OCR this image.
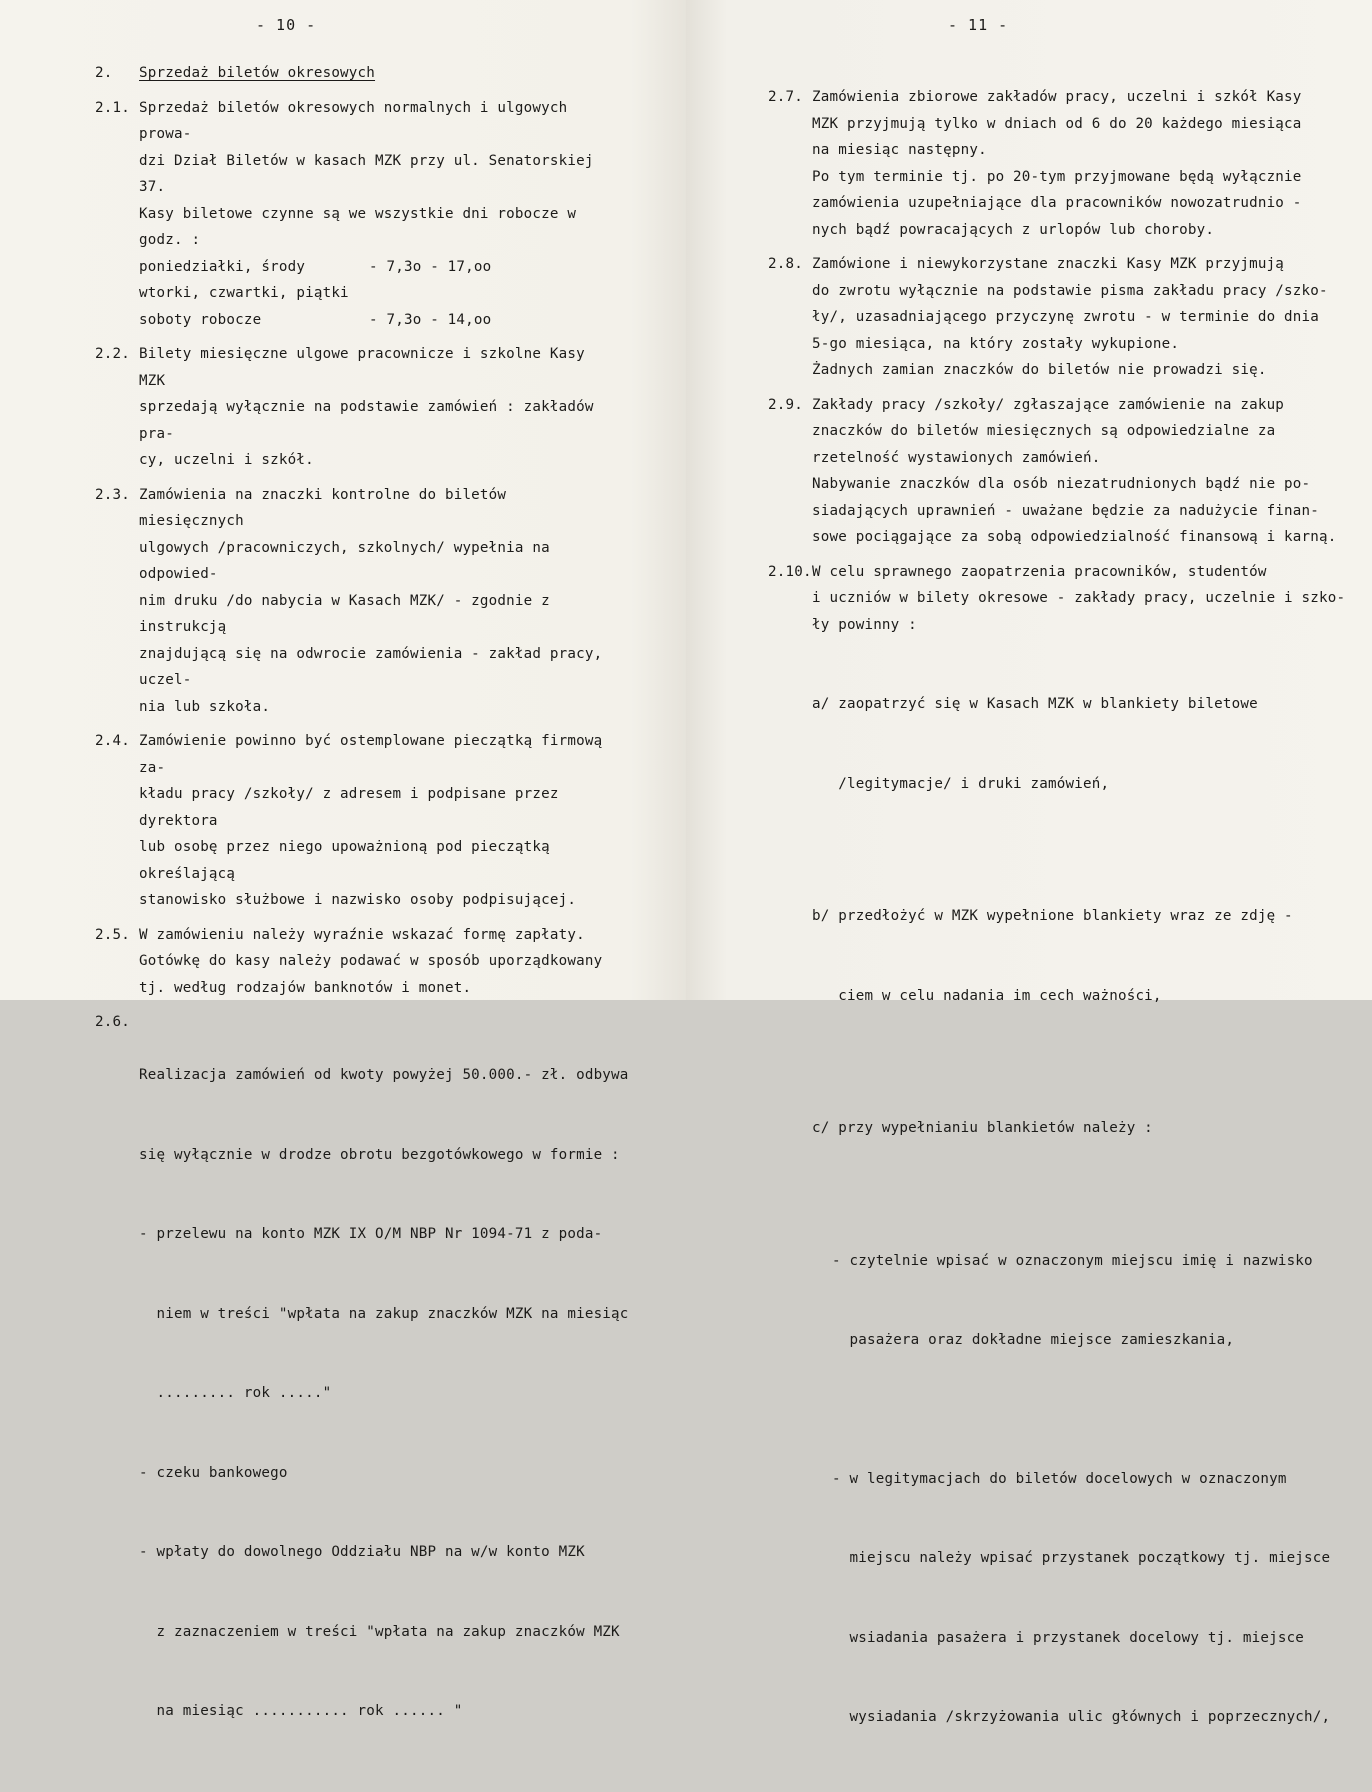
- 10 -
2. Sprzedaż biletów okresowych
2.1. Sprzedaż biletów okresowych normalnych i ulgowych prowa-
dzi Dział Biletów w kasach MZK przy ul. Senatorskiej 37.
Kasy biletowe czynne są we wszystkie dni robocze w godz. :
poniedziałki, środy	- 7,3o - 17,oo
wtorki, czwartki, piątki
soboty robocze	- 7,3o - 14,oo
2.2. Bilety miesięczne ulgowe pracownicze i szkolne Kasy MZK
sprzedają wyłącznie na podstawie zamówień : zakładów pra-
cy, uczelni i szkół.
2.3. Zamówienia na znaczki kontrolne do biletów miesięcznych
ulgowych /pracowniczych, szkolnych/ wypełnia na odpowied-
nim druku /do nabycia w Kasach MZK/ - zgodnie z instrukcją
znajdującą się na odwrocie zamówienia - zakład pracy, uczel-
nia lub szkoła.
2.4. Zamówienie powinno być ostemplowane pieczątką firmową za-
kładu pracy /szkoły/ z adresem i podpisane przez dyrektora
lub osobę przez niego upoważnioną pod pieczątką określającą
stanowisko służbowe i nazwisko osoby podpisującej.
2.5. W zamówieniu należy wyraźnie wskazać formę zapłaty.
Gotówkę do kasy należy podawać w sposób uporządkowany
tj. według rodzajów banknotów i monet.
2.6.

Realizacja zamówień od kwoty powyżej 50.000.- zł. odbywa

się wyłącznie w drodze obrotu bezgotówkowego w formie :

- przelewu na konto MZK IX O/M NBP Nr 1094-71 z poda-

niem w treści "wpłata na zakup znaczków MZK na miesiąc

......... rok ....."

- czeku bankowego

- wpłaty do dowolnego Oddziału NBP na w/w konto MZK

z zaznaczeniem w treści "wpłata na zakup znaczków MZK

na miesiąc ........... rok ...... "

- 11 -
2.7. Zamówienia zbiorowe zakładów pracy, uczelni i szkół Kasy
MZK przyjmują tylko w dniach od 6 do 20 każdego miesiąca
na miesiąc następny.
Po tym terminie tj. po 20-tym przyjmowane będą wyłącznie
zamówienia uzupełniające dla pracowników nowozatrudnio -
nych bądź powracających z urlopów lub choroby.
2.8. Zamówione i niewykorzystane znaczki Kasy MZK przyjmują
do zwrotu wyłącznie na podstawie pisma zakładu pracy /szko-
ły/, uzasadniającego przyczynę zwrotu - w terminie do dnia
5-go miesiąca, na który zostały wykupione.
Żadnych zamian znaczków do biletów nie prowadzi się.
2.9. Zakłady pracy /szkoły/ zgłaszające zamówienie na zakup
znaczków do biletów miesięcznych są odpowiedzialne za
rzetelność wystawionych zamówień.
Nabywanie znaczków dla osób niezatrudnionych bądź nie po-
siadających uprawnień - uważane będzie za nadużycie finan-
sowe pociągające za sobą odpowiedzialność finansową i karną.
2.10. W celu sprawnego zaopatrzenia pracowników, studentów
i uczniów w bilety okresowe - zakłady pracy, uczelnie i szko-
ły powinny :

a/ zaopatrzyć się w Kasach MZK w blankiety biletowe

/legitymacje/ i druki zamówień,

b/ przedłożyć w MZK wypełnione blankiety wraz ze zdję -

ciem w celu nadania im cech ważności,

c/ przy wypełnianiu blankietów należy :

- czytelnie wpisać w oznaczonym miejscu imię i nazwisko

pasażera oraz dokładne miejsce zamieszkania,

- w legitymacjach do biletów docelowych w oznaczonym

miejscu należy wpisać przystanek początkowy tj. miejsce

wsiadania pasażera i przystanek docelowy tj. miejsce

wysiadania /skrzyżowania ulic głównych i poprzecznych/,
